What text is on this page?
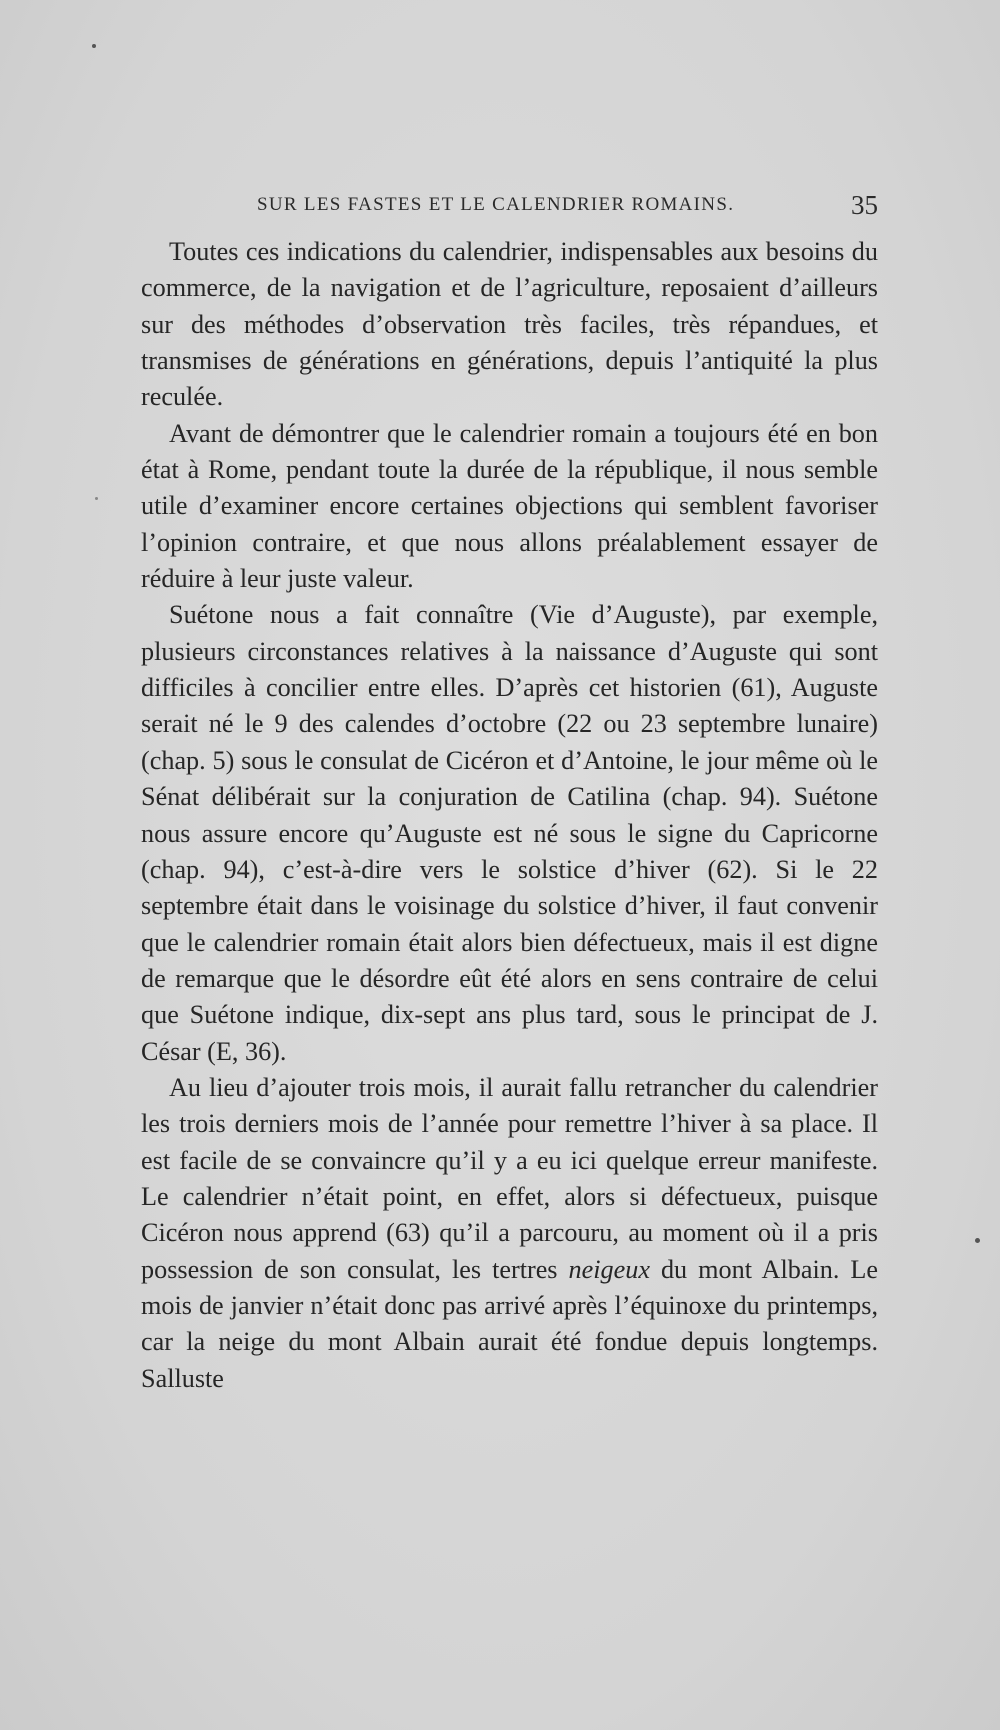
SUR LES FASTES ET LE CALENDRIER ROMAINS.	35

Toutes ces indications du calendrier, indispensables aux besoins du commerce, de la navigation et de l’agriculture, reposaient d’ailleurs sur des méthodes d’observation très faciles, très répandues, et transmises de générations en générations, depuis l’antiquité la plus reculée.

Avant de démontrer que le calendrier romain a toujours été en bon état à Rome, pendant toute la durée de la république, il nous semble utile d’examiner encore certaines objections qui semblent favoriser l’opinion contraire, et que nous allons préalablement essayer de réduire à leur juste valeur.

Suétone nous a fait connaître (Vie d’Auguste), par exemple, plusieurs circonstances relatives à la naissance d’Auguste qui sont difficiles à concilier entre elles. D’après cet historien (61), Auguste serait né le 9 des calendes d’octobre (22 ou 23 septembre lunaire) (chap. 5) sous le consulat de Cicéron et d’Antoine, le jour même où le Sénat délibérait sur la conjuration de Catilina (chap. 94). Suétone nous assure encore qu’Auguste est né sous le signe du Capricorne (chap. 94), c’est-à-dire vers le solstice d’hiver (62). Si le 22 septembre était dans le voisinage du solstice d’hiver, il faut convenir que le calendrier romain était alors bien défectueux, mais il est digne de remarque que le désordre eût été alors en sens contraire de celui que Suétone indique, dix-sept ans plus tard, sous le principat de J. César (E, 36).

Au lieu d’ajouter trois mois, il aurait fallu retrancher du calendrier les trois derniers mois de l’année pour remettre l’hiver à sa place. Il est facile de se convaincre qu’il y a eu ici quelque erreur manifeste. Le calendrier n’était point, en effet, alors si défectueux, puisque Cicéron nous apprend (63) qu’il a parcouru, au moment où il a pris possession de son consulat, les tertres neigeux du mont Albain. Le mois de janvier n’était donc pas arrivé après l’équinoxe du printemps, car la neige du mont Albain aurait été fondue depuis longtemps. Salluste
